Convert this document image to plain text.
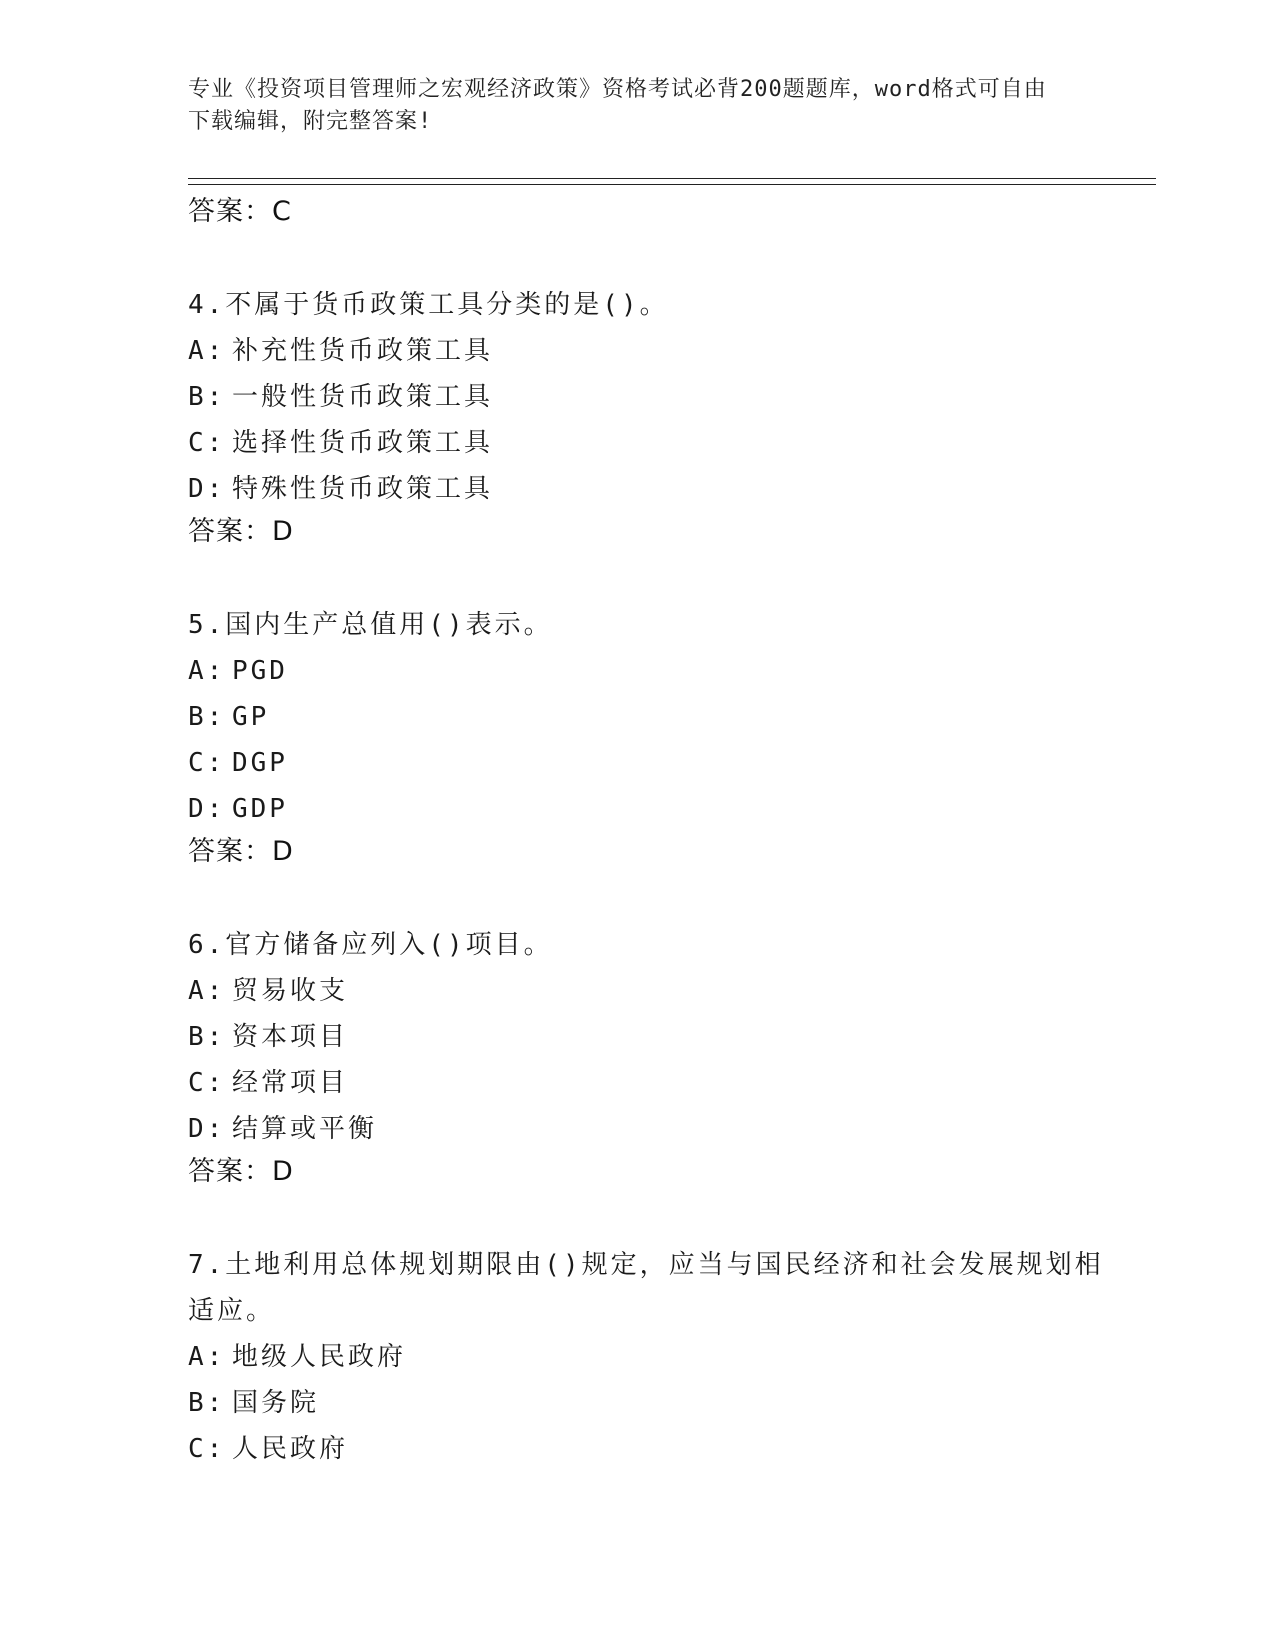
专业《投资项目管理师之宏观经济政策》资格考试必背200题题库，word格式可自由下载编辑，附完整答案!

答案：C

4.不属于货币政策工具分类的是()。

A: 补充性货币政策工具

B: 一般性货币政策工具

C: 选择性货币政策工具

D: 特殊性货币政策工具

答案：D

5.国内生产总值用()表示。

A: PGD

B: GP

C: DGP

D: GDP

答案：D

6.官方储备应列入()项目。

A: 贸易收支

B: 资本项目

C: 经常项目

D: 结算或平衡

答案：D

7.土地利用总体规划期限由()规定，应当与国民经济和社会发展规划相适应。

A: 地级人民政府

B: 国务院

C: 人民政府
